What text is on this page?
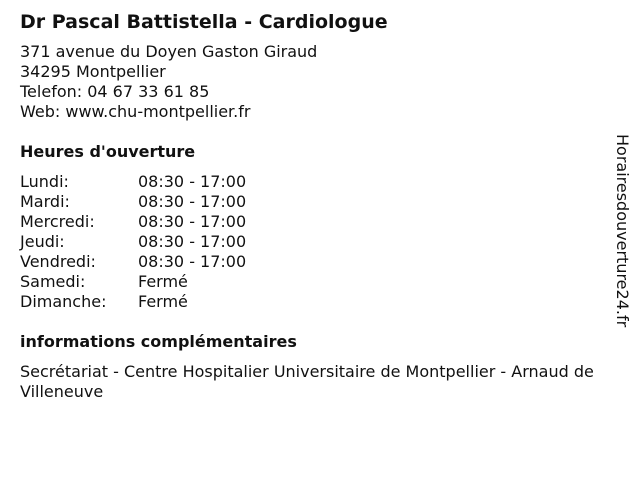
Dr Pascal Battistella - Cardiologue
371 avenue du Doyen Gaston Giraud
34295 Montpellier
Telefon: 04 67 33 61 85
Web: www.chu-montpellier.fr
Heures d'ouverture
Lundi:	08:30 - 17:00
Mardi:	08:30 - 17:00
Mercredi:	08:30 - 17:00
Jeudi:	08:30 - 17:00
Vendredi:	08:30 - 17:00
Samedi:	Fermé
Dimanche:	Fermé
informations complémentaires
Secrétariat - Centre Hospitalier Universitaire de Montpellier - Arnaud de Villeneuve
Horairesdouverture24.fr
